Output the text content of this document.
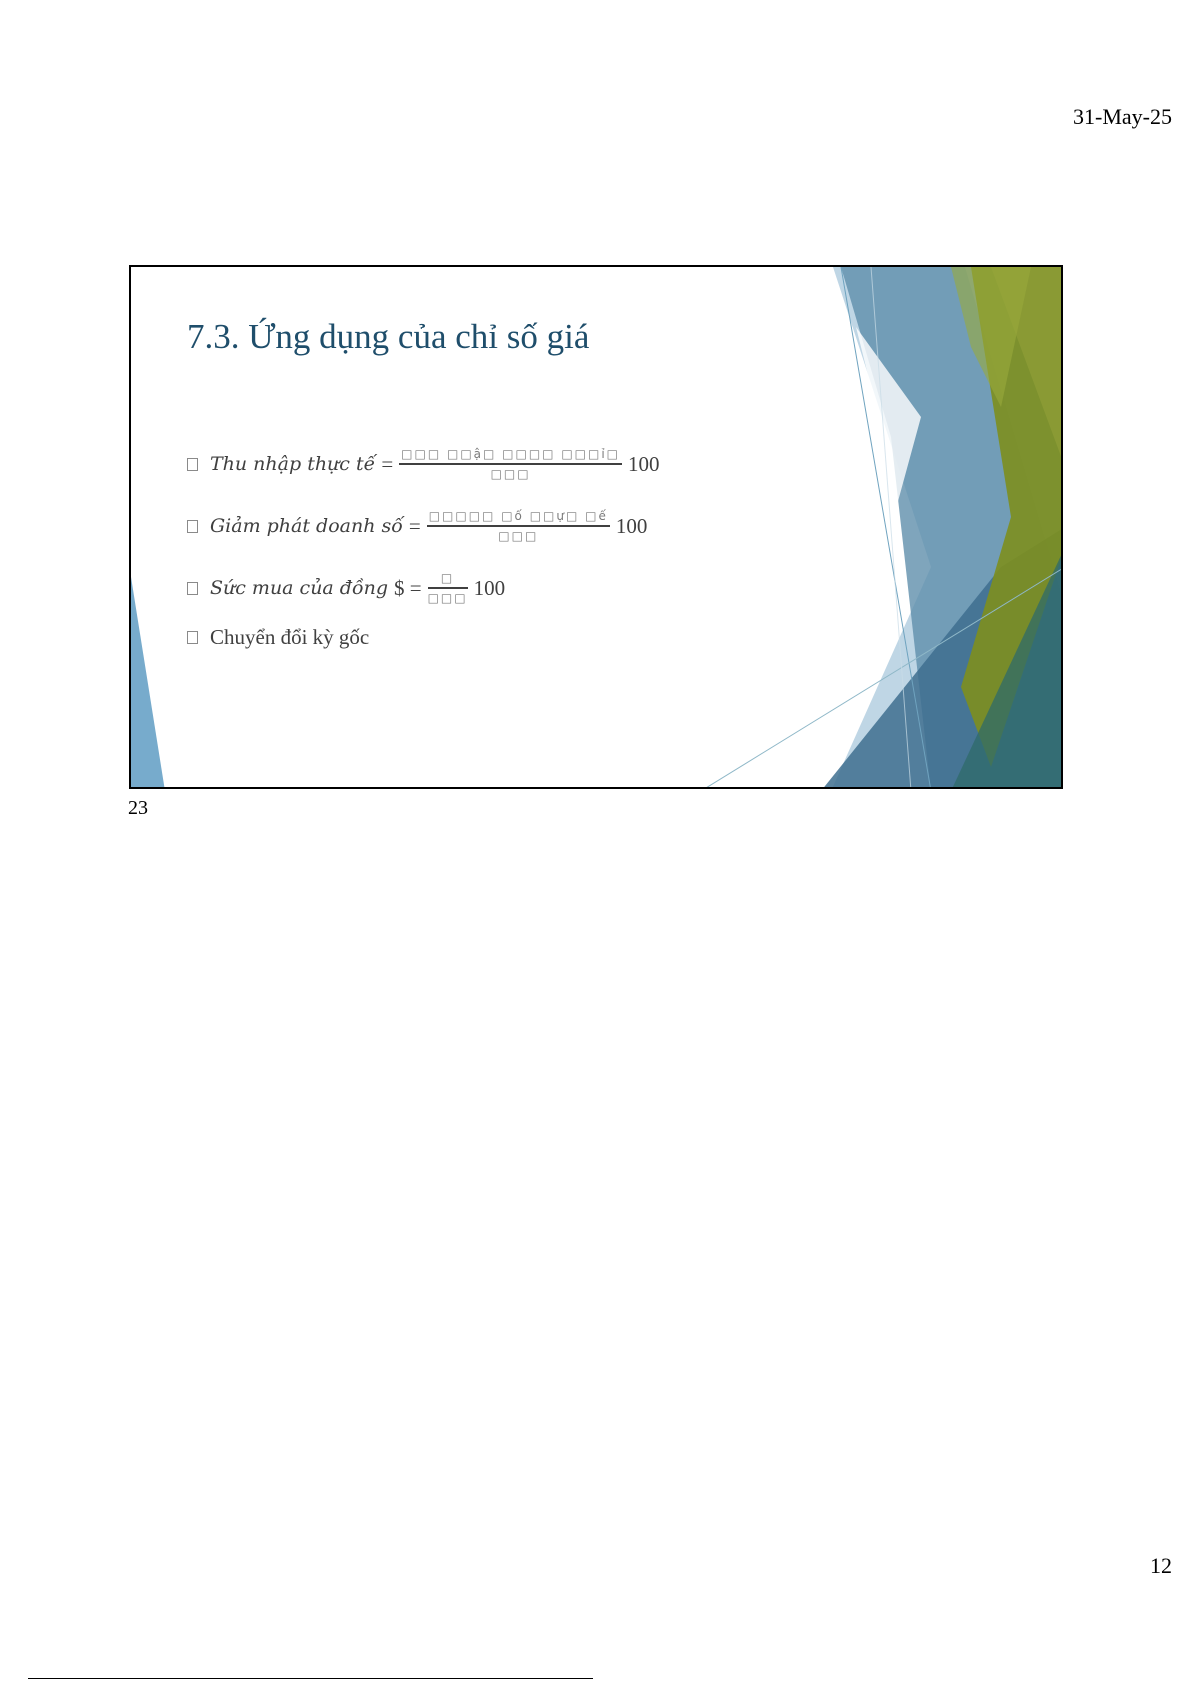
31-May-25
7.3. Ứng dụng của chỉ số giá
Thu nhập thực tế = $\frac{\text{□□□ □□ậ□ □□□□ □□□ỉ□}}{□□□} 100$
Giảm phát doanh số = $\frac{\text{□□□□□ □ố □□ự□ □ế}}{□□□} 100$
Sức mua của đồng $ = $\frac{□}{□□□} 100$
Chuyển đổi kỳ gốc
23
12
